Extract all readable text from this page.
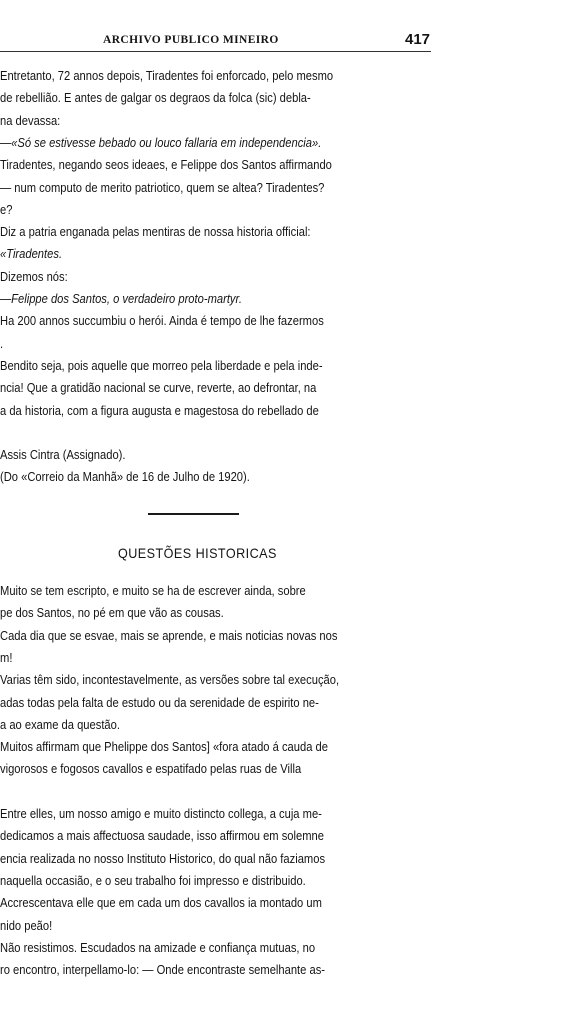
ARCHIVO PUBLICO MINEIRO	417
Entretanto, 72 annos depois, Tiradentes foi enforcado, pelo mesmo
de rebellião. E antes de galgar os degraos da folca (sic) debla-
na devassa:
—«Só se estivesse bebado ou louco fallaria em independencia».
Tiradentes, negando seos ideaes, e Felippe dos Santos affirmando
— num computo de merito patriotico, quem se altea? Tiradentes?
e?
Diz a patria enganada pelas mentiras de nossa historia official:
«Tiradentes.
Dizemos nós:
—Felippe dos Santos, o verdadeiro proto-martyr.
Ha 200 annos succumbiu o herói. Ainda é tempo de lhe fazermos
.
Bendito seja, pois aquelle que morreo pela liberdade e pela inde-
ncia! Que a gratidão nacional se curve, reverte, ao defrontar, na
a da historia, com a figura augusta e magestosa do rebellado de
Assis Cintra (Assignado).
(Do «Correio da Manhã» de 16 de Julho de 1920).
QUESTÕES HISTORICAS
Muito se tem escripto, e muito se ha de escrever ainda, sobre
pe dos Santos, no pé em que vão as cousas.
Cada dia que se esvae, mais se aprende, e mais noticias novas nos
m!
Varias têm sido, incontestavelmente, as versões sobre tal execução,
adas todas pela falta de estudo ou da serenidade de espirito ne-
a ao exame da questão.
Muitos affirmam que Phelippe dos Santos] «fora atado á cauda de
vigorosos e fogosos cavallos e espatifado pelas ruas de Villa
Entre elles, um nosso amigo e muito distincto collega, a cuja me-
dedicamos a mais affectuosa saudade, isso affirmou em solemne
encia realizada no nosso Instituto Historico, do qual não faziamos
naquella occasião, e o seu trabalho foi impresso e distribuido.
Accrescentava elle que em cada um dos cavallos ia montado um
nido peão!
Não resistimos. Escudados na amizade e confiança mutuas, no
ro encontro, interpellamo-lo: — Onde encontraste semelhante as-
